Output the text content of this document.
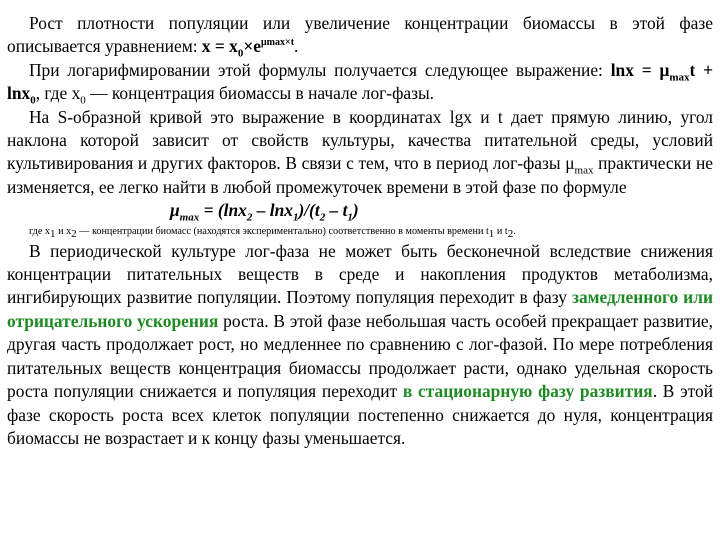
Рост плотности популяции или увеличение концентрации биомассы в этой фазе описывается уравнением: $x = x_0\times e^{\mu max\times t}$.

При логарифмировании этой формулы получается следующее выражение: $\ln x = \mu_{max}t + \ln x_0$, где $х_0$ — концентрация биомассы в начале лог-фазы.

На S-образной кривой это выражение в координатах lgx и t дает прямую линию, угол наклона которой зависит от свойств культуры, качества питательной среды, условий культивирования и других факторов. В связи с тем, что в период лог-фазы $\mu_{max}$ практически не изменяется, ее легко найти в любой промежуточек времени в этой фазе по формуле

$\mu_{max} = (\ln x_2 - \ln x_1)/(t_2 - t_1)$

где $x_1$ и $x_2$ — концентрации биомасс (находятся экспериментально) соответственно в моменты времени $t_1$ и $t_2$.

В периодической культуре лог-фаза не может быть бесконечной вследствие снижения концентрации питательных веществ в среде и накопления продуктов метаболизма, ингибирующих развитие популяции. Поэтому популяция переходит в фазу замедленного или отрицательного ускорения роста. В этой фазе небольшая часть особей прекращает развитие, другая часть продолжает рост, но медленнее по сравнению с лог-фазой. По мере потребления питательных веществ концентрация биомассы продолжает расти, однако удельная скорость роста популяции снижается и популяция переходит в стационарную фазу развития. В этой фазе скорость роста всех клеток популяции постепенно снижается до нуля, концентрация биомассы не возрастает и к концу фазы уменьшается.
